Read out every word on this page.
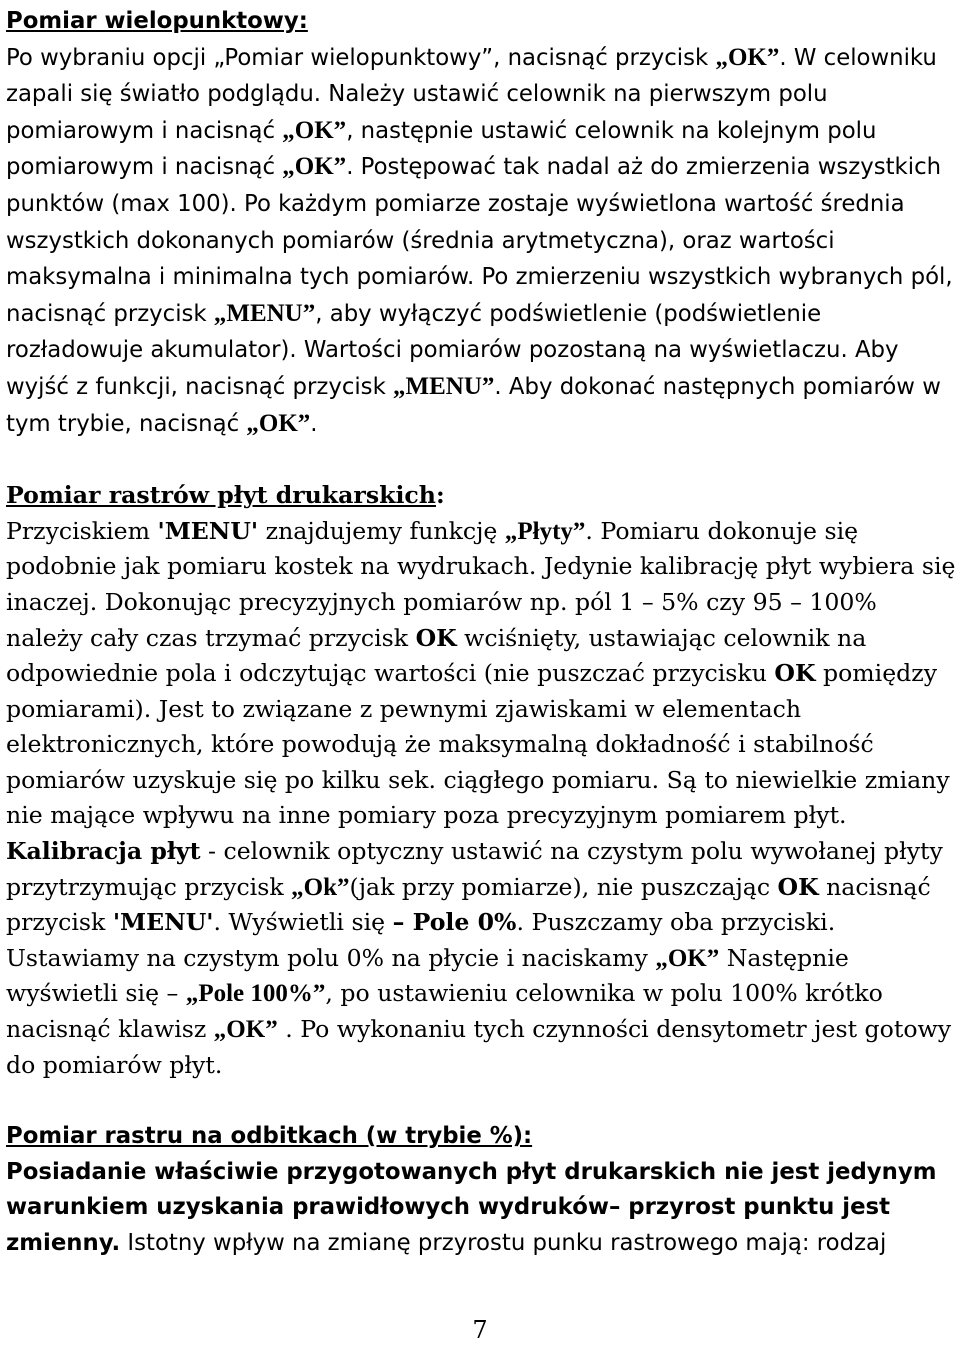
Pomiar wielopunktowy:
Po wybraniu opcji „Pomiar wielopunktowy”, nacisnąć przycisk „OK”. W celowniku zapali się światło podglądu. Należy ustawić celownik na pierwszym polu pomiarowym i nacisnąć „OK”, następnie ustawić celownik na kolejnym polu pomiarowym i nacisnąć „OK”. Postępować tak nadal aż do zmierzenia wszystkich punktów (max 100). Po każdym pomiarze zostaje wyświetlona wartość średnia wszystkich dokonanych pomiarów (średnia arytmetyczna), oraz wartości maksymalna i minimalna tych pomiarów. Po zmierzeniu wszystkich wybranych pól, nacisnąć przycisk „MENU”, aby wyłączyć podświetlenie (podświetlenie rozładowuje akumulator). Wartości pomiarów pozostaną na wyświetlaczu. Aby wyjść z funkcji, nacisnąć przycisk „MENU”. Aby dokonać następnych pomiarów w tym trybie, nacisnąć „OK”.
Pomiar rastrów płyt drukarskich:
Przyciskiem 'MENU' znajdujemy funkcję „Płyty”. Pomiaru dokonuje się podobnie jak pomiaru kostek na wydrukach. Jedynie kalibrację płyt wybiera się inaczej. Dokonując precyzyjnych pomiarów np. pól 1 – 5% czy 95 – 100% należy cały czas trzymać przycisk OK wciśnięty, ustawiając celownik na odpowiednie pola i odczytując wartości (nie puszczać przycisku OK pomiędzy pomiarami). Jest to związane z pewnymi zjawiskami w elementach elektronicznych, które powodują że maksymalną dokładność i stabilność pomiarów uzyskuje się po kilku sek. ciągłego pomiaru. Są to niewielkie zmiany nie mające wpływu na inne pomiary poza precyzyjnym pomiarem płyt.
Kalibracja płyt - celownik optyczny ustawić na czystym polu wywołanej płyty przytrzymując przycisk „Ok”(jak przy pomiarze), nie puszczając OK nacisnąć przycisk 'MENU'. Wyświetli się – Pole 0%. Puszczamy oba przyciski. Ustawiamy na czystym polu 0% na płycie i naciskamy „OK” Następnie wyświetli się – „Pole 100%”, po ustawieniu celownika w polu 100% krótko nacisnąć klawisz „OK” . Po wykonaniu tych czynności densytometr jest gotowy do pomiarów płyt.
Pomiar rastru na odbitkach (w trybie %):
Posiadanie właściwie przygotowanych płyt drukarskich nie jest jedynym warunkiem uzyskania prawidłowych wydruków– przyrost punktu jest zmienny. Istotny wpływ na zmianę przyrostu punku rastrowego mają: rodzaj
7
